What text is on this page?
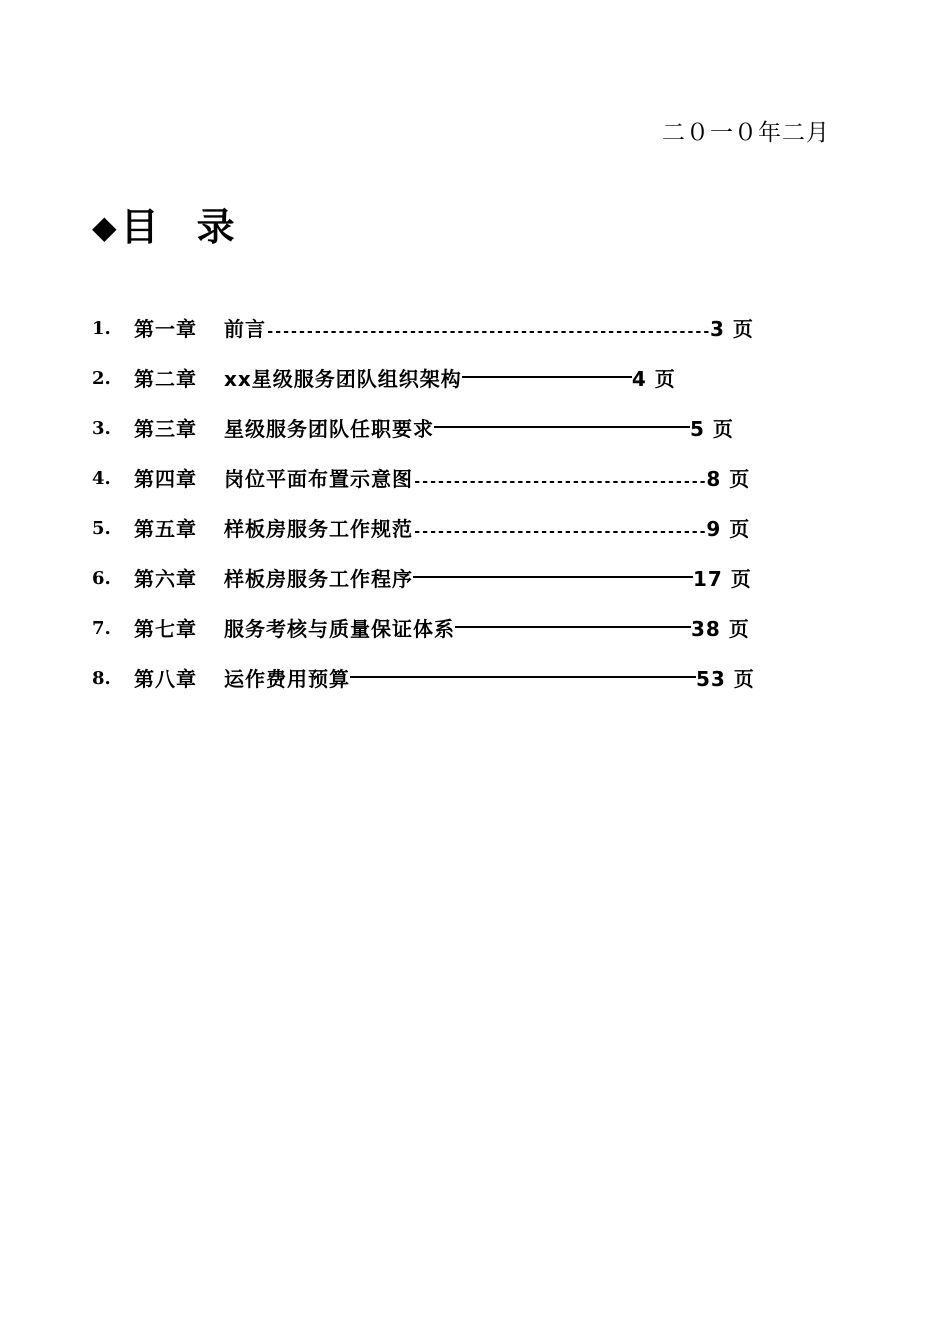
二０一０年二月
◆ 目录
1.	第一章 前言 -------------------------------------------------------- 3 页
2.	第二章 xx星级服务团队组织架构	4 页
3.	第三章 星级服务团队任职要求	5 页
4.	第四章 岗位平面布置示意图 ------------------------------------- 8 页
5.	第五章 样板房服务工作规范 ------------------------------------- 9 页
6.	第六章 样板房服务工作程序	17 页
7.	第七章 服务考核与质量保证体系	38 页
8.	第八章 运作费用预算	53 页
